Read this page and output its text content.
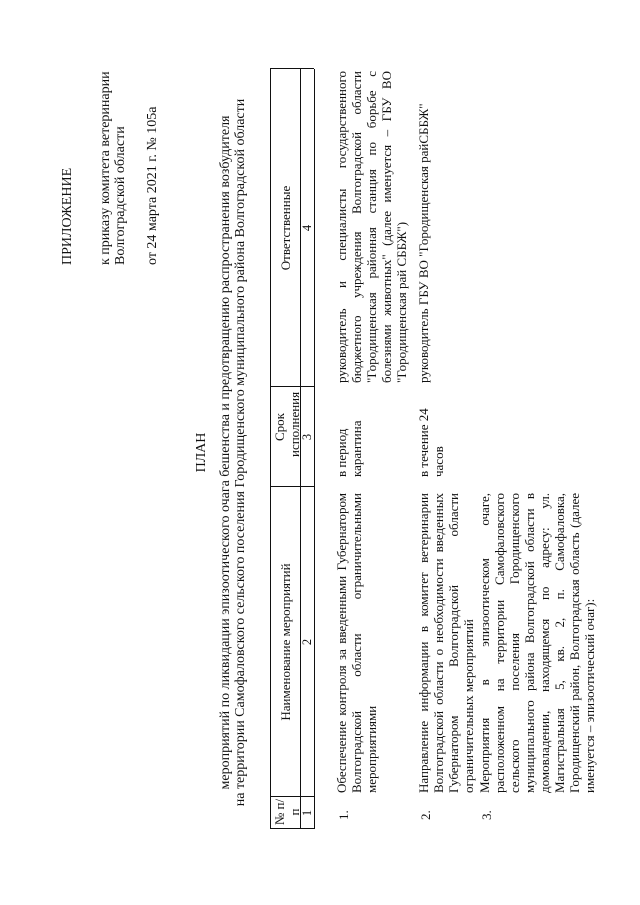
ПРИЛОЖЕНИЕ к приказу комитета ветеринарии Волгоградской области от 24 марта 2021 г. № 105а
ПЛАН мероприятий по ликвидации эпизоотического очага бешенства и предотвращению распространения возбудителя на территории Самофаловского сельского поселения Городищенского муниципального района Волгоградской области
№ п/п
Наименование мероприятий
Срок исполнения
Ответственные
1
2
3
4
1.
Обеспечение контроля за введенными Губернатором Волгоградской области ограничительными мероприятиями
в период карантина
руководитель и специалисты государственного бюджетного учреждения Волгоградской области "Городищенская районная станция по борьбе с болезнями животных" (далее именуется – ГБУ ВО "Городищенская рай СББЖ")
2.
Направление информации в комитет ветеринарии Волгоградской области о необходимости введенных Губернатором Волгоградской области ограничительных мероприятий
в течение 24 часов
руководитель ГБУ ВО "Городищенская райСББЖ"
3.
Мероприятия в эпизоотическом очаге, расположенном на территории Самофаловского сельского поселения Городищенского муниципального района Волгоградской области в домовладении, находящемся по адресу: ул. Магистральная 5, кв. 2, п. Самофаловка, Городищенский район, Волгоградская область (далее именуется – эпизоотический очаг):
